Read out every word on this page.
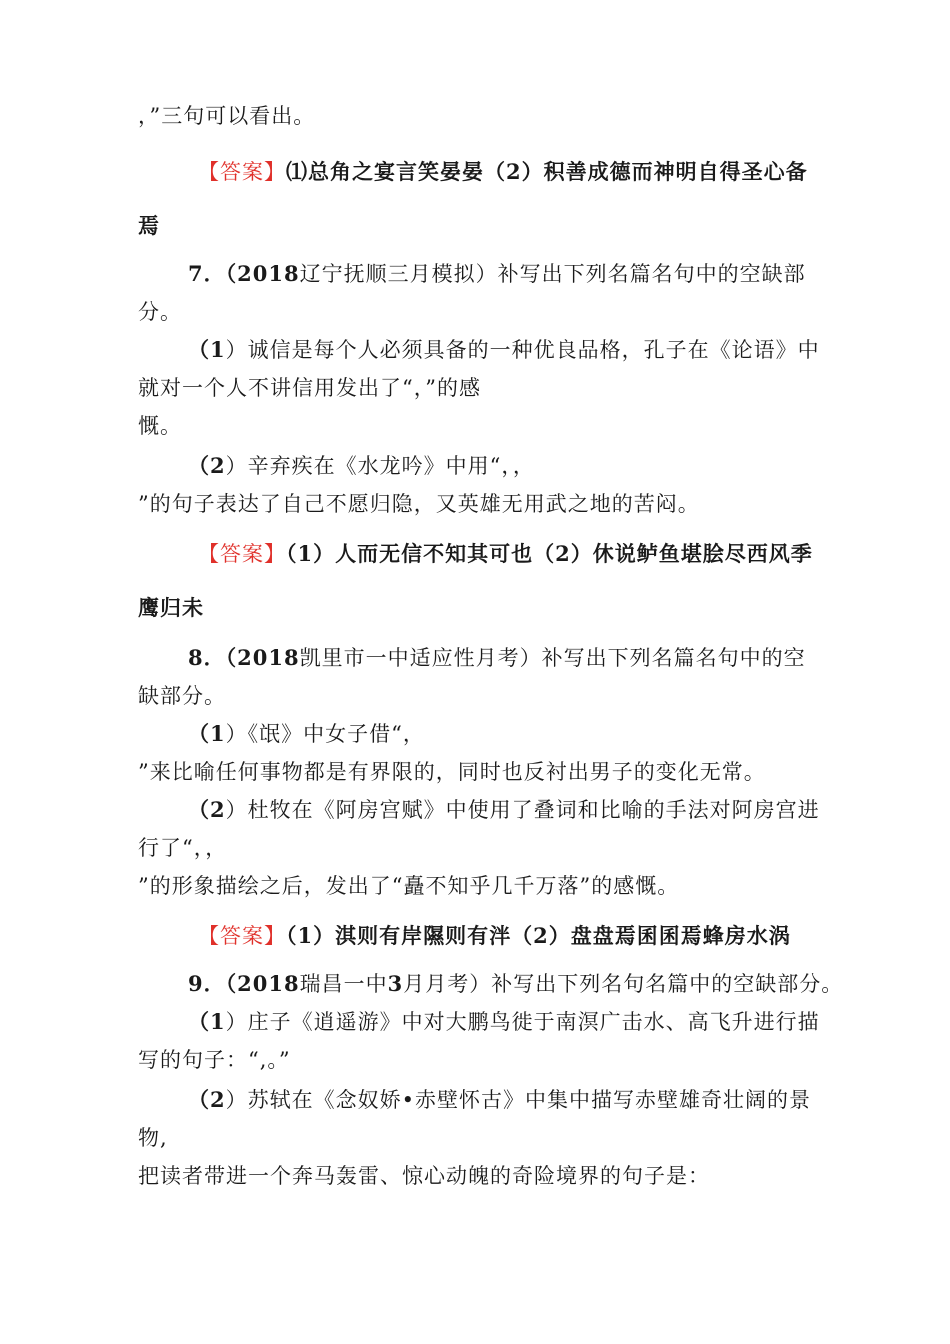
，”三句可以看出。
【答案】⑴总角之宴言笑晏晏（2）积善成德而神明自得圣心备
焉
7．（2018辽宁抚顺三月模拟）补写出下列名篇名句中的空缺部
分。
（1）诚信是每个人必须具备的一种优良品格，孔子在《论语》中
就对一个人不讲信用发出了“，”的感
慨。
（2）辛弃疾在《水龙吟》中用“，，
”的句子表达了自己不愿归隐，又英雄无用武之地的苦闷。
【答案】（1）人而无信不知其可也（2）休说鲈鱼堪脍尽西风季
鹰归未
8．（2018凯里市一中适应性月考）补写出下列名篇名句中的空
缺部分。
（1）《氓》中女子借“，
”来比喻任何事物都是有界限的，同时也反衬出男子的变化无常。
（2）杜牧在《阿房宫赋》中使用了叠词和比喻的手法对阿房宫进
行了“，，
”的形象描绘之后，发出了“矗不知乎几千万落”的感慨。
【答案】（1）淇则有岸隰则有泮（2）盘盘焉囷囷焉蜂房水涡
9．（2018瑞昌一中3月月考）补写出下列名句名篇中的空缺部分。
（1）庄子《逍遥游》中对大鹏鸟徙于南溟广击水、高飞升进行描
写的句子：“,。”
（2）苏轼在《念奴娇•赤壁怀古》中集中描写赤壁雄奇壮阔的景
物,
把读者带进一个奔马轰雷、惊心动魄的奇险境界的句子是：
